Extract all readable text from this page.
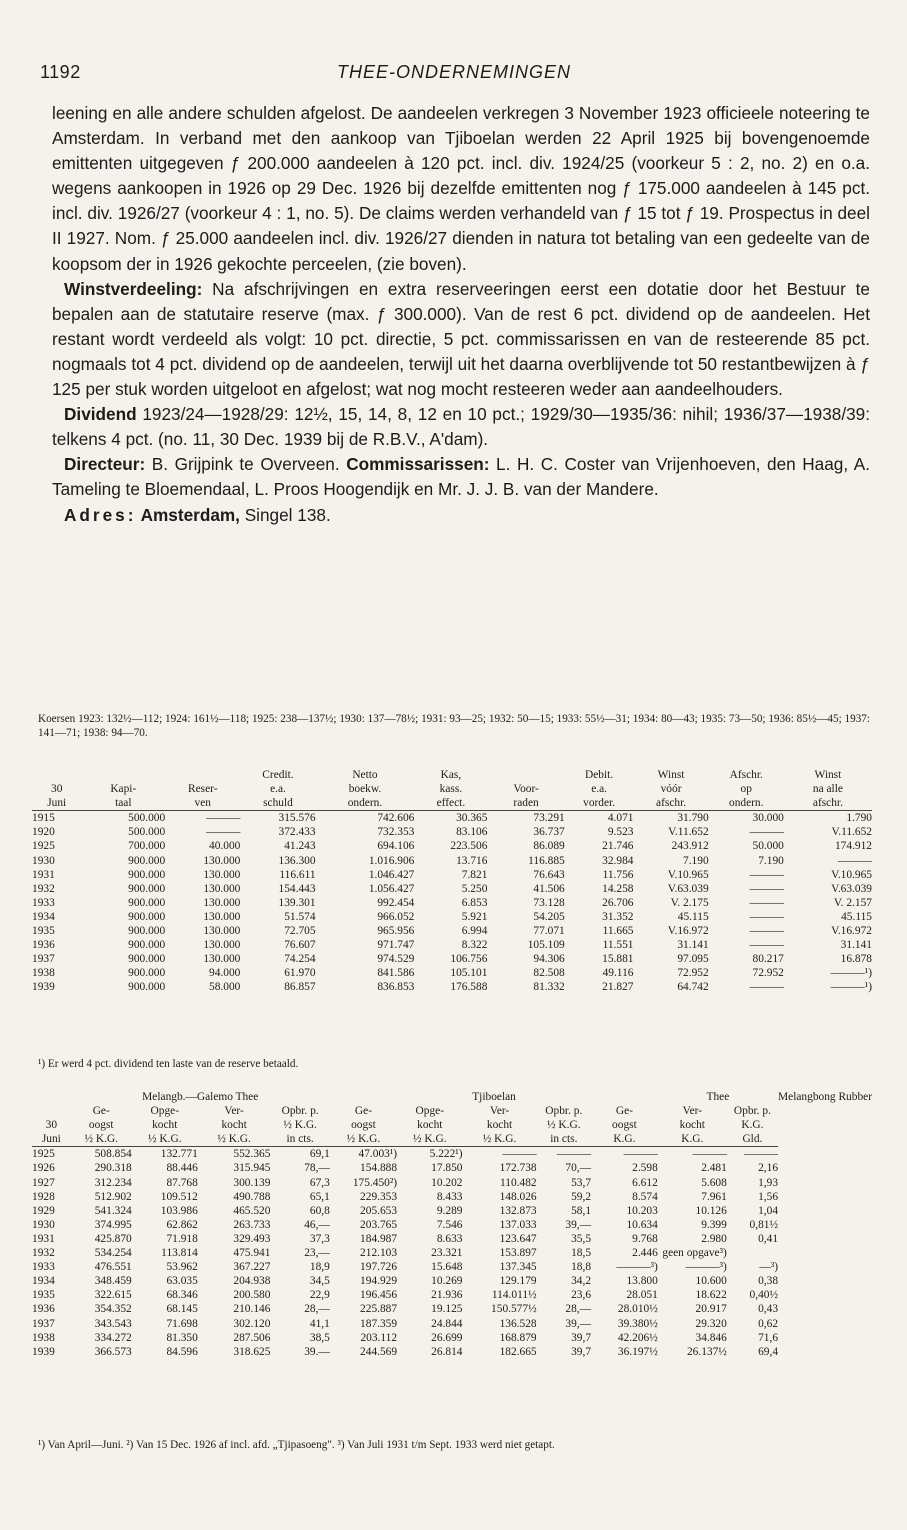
1192	THEE-ONDERNEMINGEN

leening en alle andere schulden afgelost. De aandeelen verkregen 3 November 1923 officieele noteering te Amsterdam. In verband met den aankoop van Tjiboelan werden 22 April 1925 bij bovengenoemde emittenten uitgegeven ƒ 200.000 aandeelen à 120 pct. incl. div. 1924/25 (voorkeur 5 : 2, no. 2) en o.a. wegens aankoopen in 1926 op 29 Dec. 1926 bij dezelfde emittenten nog ƒ 175.000 aandeelen à 145 pct. incl. div. 1926/27 (voorkeur 4 : 1, no. 5). De claims werden verhandeld van ƒ 15 tot ƒ 19. Prospectus in deel II 1927. Nom. ƒ 25.000 aandeelen incl. div. 1926/27 dienden in natura tot betaling van een gedeelte van de koopsom der in 1926 gekochte perceelen, (zie boven).

Winstverdeeling: Na afschrijvingen en extra reserveeringen eerst een dotatie door het Bestuur te bepalen aan de statutaire reserve (max. ƒ 300.000). Van de rest 6 pct. dividend op de aandeelen. Het restant wordt verdeeld als volgt: 10 pct. directie, 5 pct. commissarissen en van de resteerende 85 pct. nogmaals tot 4 pct. dividend op de aandeelen, terwijl uit het daarna overblijvende tot 50 restantbewijzen à ƒ 125 per stuk worden uitgeloot en afgelost; wat nog mocht resteeren weder aan aandeelhouders.

Dividend 1923/24—1928/29: 12½, 15, 14, 8, 12 en 10 pct.; 1929/30—1935/36: nihil; 1936/37—1938/39: telkens 4 pct. (no. 11, 30 Dec. 1939 bij de R.B.V., A'dam).

Directeur: B. Grijpink te Overveen. Commissarissen: L. H. C. Coster van Vrijenhoeven, den Haag, A. Tameling te Bloemendaal, L. Proos Hoogendijk en Mr. J. J. B. van der Mandere.

Adres: Amsterdam, Singel 138.

Koersen 1923: 132½—112; 1924: 161½—118; 1925: 238—137½; 1930: 137—78½; 1931: 93—25; 1932: 50—15; 1933: 55½—31; 1934: 80—43; 1935: 73—50; 1936: 85½—45; 1937: 141—71; 1938: 94—70.
			Credit.	Netto	Kas,		Debit.	Winst	Afschr.	Winst
30	Kapi-	Reser-	e.a.	boekw.	kass.	Voor-	e.a.	vóór	op	na alle
Juni	taal	ven	schuld	ondern.	effect.	raden	vorder.	afschr.	ondern.	afschr.
1915	500.000	———	315.576	742.606	30.365	73.291	4.071	31.790	30.000	1.790
1920	500.000	———	372.433	732.353	83.106	36.737	9.523	V.11.652	———	V.11.652
1925	700.000	40.000	41.243	694.106	223.506	86.089	21.746	243.912	50.000	174.912
1930	900.000	130.000	136.300	1.016.906	13.716	116.885	32.984	7.190	7.190	———
1931	900.000	130.000	116.611	1.046.427	7.821	76.643	11.756	V.10.965	———	V.10.965
1932	900.000	130.000	154.443	1.056.427	5.250	41.506	14.258	V.63.039	———	V.63.039
1933	900.000	130.000	139.301	992.454	6.853	73.128	26.706	V. 2.175	———	V. 2.157
1934	900.000	130.000	51.574	966.052	5.921	54.205	31.352	45.115	———	45.115
1935	900.000	130.000	72.705	965.956	6.994	77.071	11.665	V.16.972	———	V.16.972
1936	900.000	130.000	76.607	971.747	8.322	105.109	11.551	31.141	———	31.141
1937	900.000	130.000	74.254	974.529	106.756	94.306	15.881	97.095	80.217	16.878
1938	900.000	94.000	61.970	841.586	105.101	82.508	49.116	72.952	72.952	———¹)
1939	900.000	58.000	86.857	836.853	176.588	81.332	21.827	64.742	———	———¹)
¹) Er werd 4 pct. dividend ten laste van de reserve betaald.
	Melangb.—Galemo Thee					Tjiboelan				Thee		Melangbong Rubber
	Ge-	Opge-	Ver-	Opbr. p.	Ge-	Opge-	Ver-	Opbr. p.	Ge-	Ver-	Opbr. p.	
30	oogst	kocht	kocht	½ K.G.	oogst	kocht	kocht	½ K.G.	oogst	kocht	K.G.	
Juni	½ K.G.	½ K.G.	½ K.G.	in cts.	½ K.G.	½ K.G.	½ K.G.	in cts.	K.G.	K.G.	Gld.	
1925	508.854	132.771	552.365	69,1	47.003¹)	5.222¹)	———	———	———	———	———	
1926	290.318	88.446	315.945	78,—	154.888	17.850	172.738	70,—	2.598	2.481	2,16	
1927	312.234	87.768	300.139	67,3	175.450²)	10.202	110.482	53,7	6.612	5.608	1,93	
1928	512.902	109.512	490.788	65,1	229.353	8.433	148.026	59,2	8.574	7.961	1,56	
1929	541.324	103.986	465.520	60,8	205.653	9.289	132.873	58,1	10.203	10.126	1,04	
1930	374.995	62.862	263.733	46,—	203.765	7.546	137.033	39,—	10.634	9.399	0,81½	
1931	425.870	71.918	329.493	37,3	184.987	8.633	123.647	35,5	9.768	2.980	0,41	
1932	534.254	113.814	475.941	23,—	212.103	23.321	153.897	18,5	2.446	geen opgave³)		
1933	476.551	53.962	367.227	18,9	197.726	15.648	137.345	18,8	———³)	———³)	—³)	
1934	348.459	63.035	204.938	34,5	194.929	10.269	129.179	34,2	13.800	10.600	0,38	
1935	322.615	68.346	200.580	22,9	196.456	21.936	114.011½	23,6	28.051	18.622	0,40½	
1936	354.352	68.145	210.146	28,—	225.887	19.125	150.577½	28,—	28.010½	20.917	0,43	
1937	343.543	71.698	302.120	41,1	187.359	24.844	136.528	39,—	39.380½	29.320	0,62	
1938	334.272	81.350	287.506	38,5	203.112	26.699	168.879	39,7	42.206½	34.846	71,6	
1939	366.573	84.596	318.625	39.—	244.569	26.814	182.665	39,7	36.197½	26.137½	69,4	
¹) Van April—Juni. ²) Van 15 Dec. 1926 af incl. afd. „Tjipasoeng". ³) Van Juli 1931 t/m Sept. 1933 werd niet getapt.
